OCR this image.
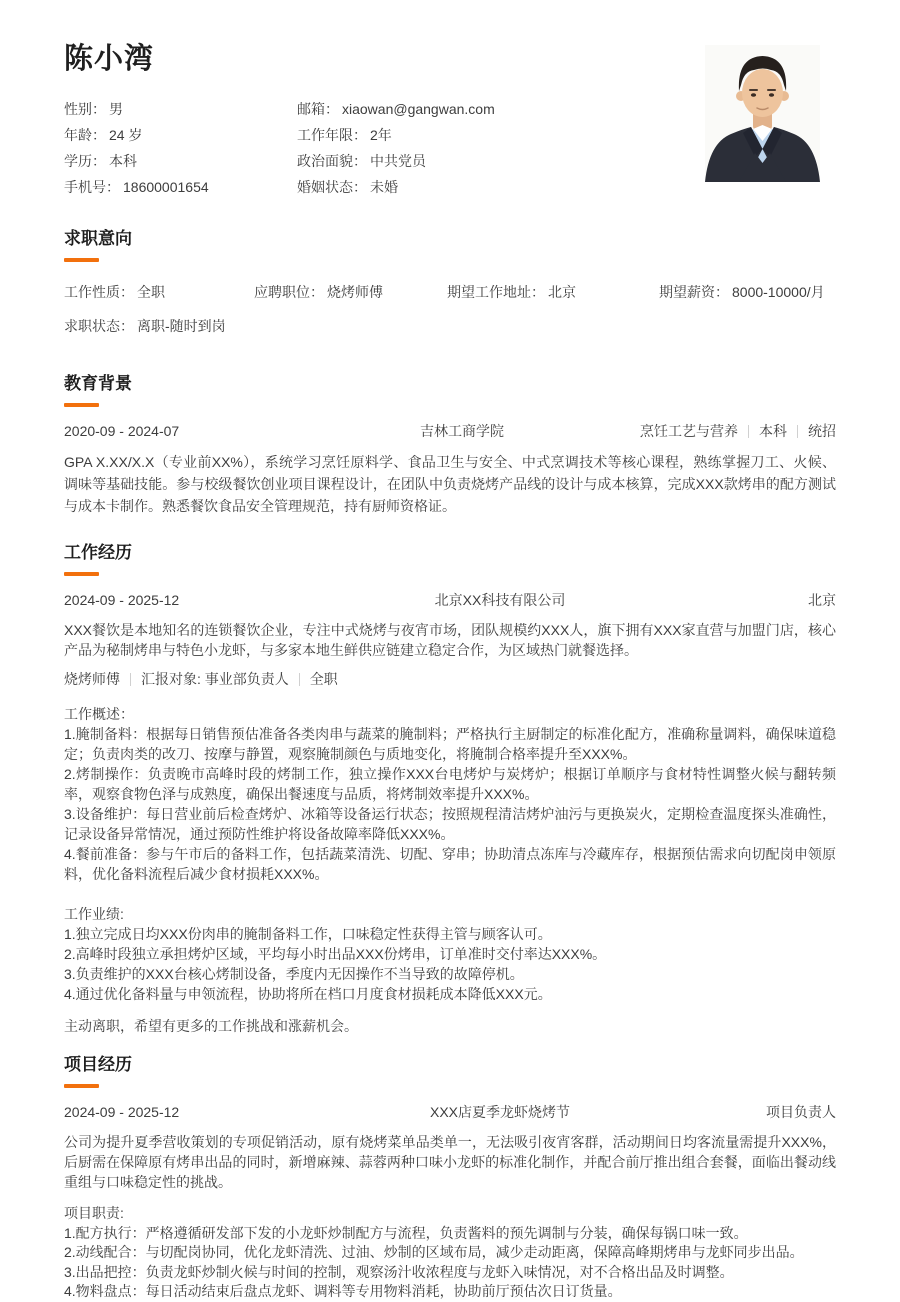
陈小湾
性别： 男
年龄： 24 岁
学历： 本科
手机号： 18600001654
邮箱： xiaowan@gangwan.com
工作年限： 2年
政治面貌： 中共党员
婚姻状态： 未婚
求职意向
工作性质： 全职	应聘职位： 烧烤师傅	期望工作地址： 北京	期望薪资： 8000-10000/月
求职状态： 离职-随时到岗
教育背景
2020-09 - 2024-07	吉林工商学院	烹饪工艺与营养 本科 统招
GPA X.XX/X.X（专业前XX%），系统学习烹饪原料学、食品卫生与安全、中式烹调技术等核心课程，熟练掌握刀工、火候、调味等基础技能。参与校级餐饮创业项目课程设计，在团队中负责烧烤产品线的设计与成本核算，完成XXX款烤串的配方测试与成本卡制作。熟悉餐饮食品安全管理规范，持有厨师资格证。
工作经历
2024-09 - 2025-12	北京XX科技有限公司	北京
XXX餐饮是本地知名的连锁餐饮企业，专注中式烧烤与夜宵市场，团队规模约XXX人，旗下拥有XXX家直营与加盟门店，核心产品为秘制烤串与特色小龙虾，与多家本地生鲜供应链建立稳定合作，为区域热门就餐选择。
烧烤师傅 汇报对象: 事业部负责人 全职
工作概述：
1.腌制备料：根据每日销售预估准备各类肉串与蔬菜的腌制料；严格执行主厨制定的标准化配方，准确称量调料，确保味道稳定；负责肉类的改刀、按摩与静置，观察腌制颜色与质地变化，将腌制合格率提升至XXX%。
2.烤制操作：负责晚市高峰时段的烤制工作，独立操作XXX台电烤炉与炭烤炉；根据订单顺序与食材特性调整火候与翻转频率，观察食物色泽与成熟度，确保出餐速度与品质，将烤制效率提升XXX%。
3.设备维护：每日营业前后检查烤炉、冰箱等设备运行状态；按照规程清洁烤炉油污与更换炭火，定期检查温度探头准确性，记录设备异常情况，通过预防性维护将设备故障率降低XXX%。
4.餐前准备：参与午市后的备料工作，包括蔬菜清洗、切配、穿串；协助清点冻库与冷藏库存，根据预估需求向切配岗申领原料，优化备料流程后减少食材损耗XXX%。
工作业绩:
1.独立完成日均XXX份肉串的腌制备料工作，口味稳定性获得主管与顾客认可。
2.高峰时段独立承担烤炉区域，平均每小时出品XXX份烤串，订单准时交付率达XXX%。
3.负责维护的XXX台核心烤制设备，季度内无因操作不当导致的故障停机。
4.通过优化备料量与申领流程，协助将所在档口月度食材损耗成本降低XXX元。
主动离职，希望有更多的工作挑战和涨薪机会。
项目经历
2024-09 - 2025-12	XXX店夏季龙虾烧烤节	项目负责人
公司为提升夏季营收策划的专项促销活动，原有烧烤菜单品类单一，无法吸引夜宵客群，活动期间日均客流量需提升XXX%，后厨需在保障原有烤串出品的同时，新增麻辣、蒜蓉两种口味小龙虾的标准化制作，并配合前厅推出组合套餐，面临出餐动线重组与口味稳定性的挑战。
项目职责:
1.配方执行：严格遵循研发部下发的小龙虾炒制配方与流程，负责酱料的预先调制与分装，确保每锅口味一致。
2.动线配合：与切配岗协同，优化龙虾清洗、过油、炒制的区域布局，减少走动距离，保障高峰期烤串与龙虾同步出品。
3.出品把控：负责龙虾炒制火候与时间的控制，观察汤汁收浓程度与龙虾入味情况，对不合格出品及时调整。
4.物料盘点：每日活动结束后盘点龙虾、调料等专用物料消耗，协助前厅预估次日订货量。
